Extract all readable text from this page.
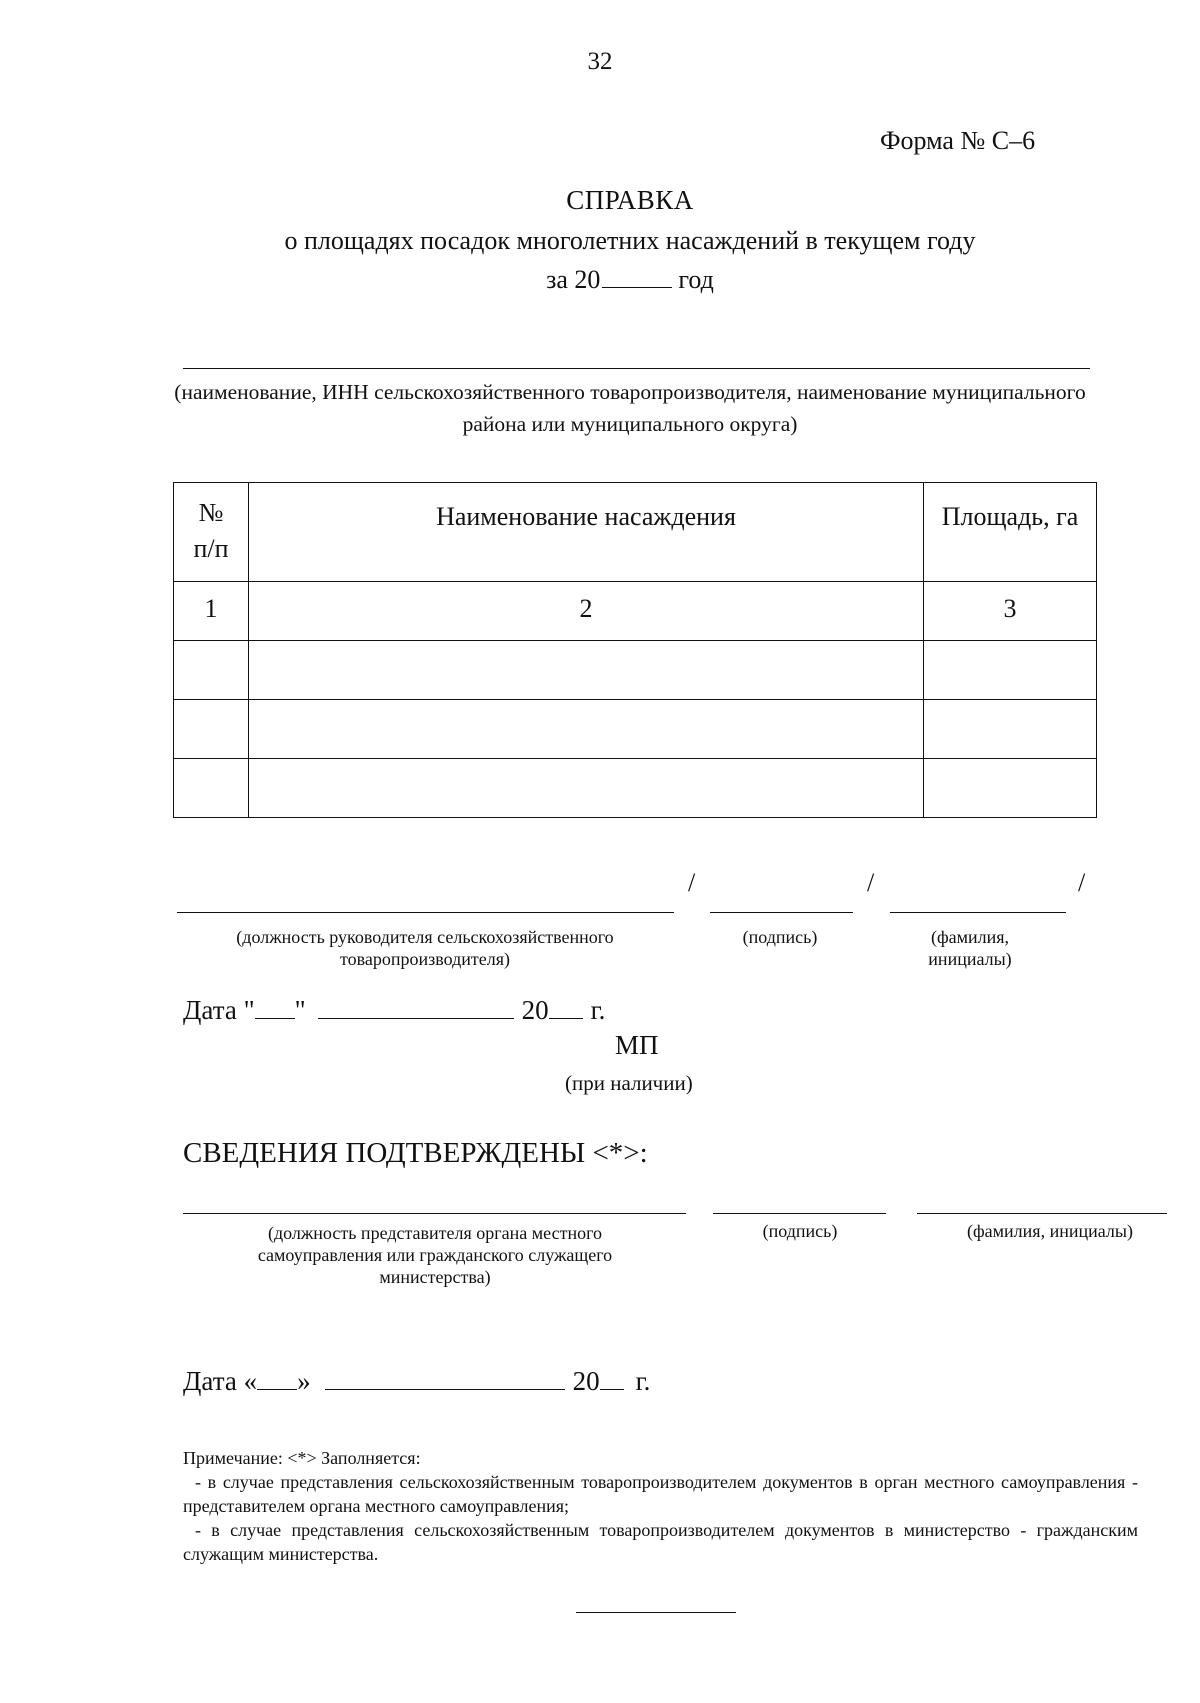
32
Форма № С–6
СПРАВКА
о площадях посадок многолетних насаждений в текущем году
за 20	год
(наименование, ИНН сельскохозяйственного товаропроизводителя, наименование муниципального района или муниципального округа)
№ п/п	Наименование насаждения	Площадь, га

1	2	3

/	/	/
(должность руководителя сельскохозяйственного товаропроизводителя)
(подпись)	(фамилия, инициалы)
Дата " "	20 г.
МП
(при наличии)
СВЕДЕНИЯ ПОДТВЕРЖДЕНЫ <*>:
(должность представителя органа местного самоуправления или гражданского служащего министерства)
(подпись)	(фамилия, инициалы)
Дата « »	20 г.
Примечание: <*> Заполняется:
- в случае представления сельскохозяйственным товаропроизводителем документов в орган местного самоуправления - представителем органа местного самоуправления;
- в случае представления сельскохозяйственным товаропроизводителем документов в министерство - гражданским служащим министерства.
